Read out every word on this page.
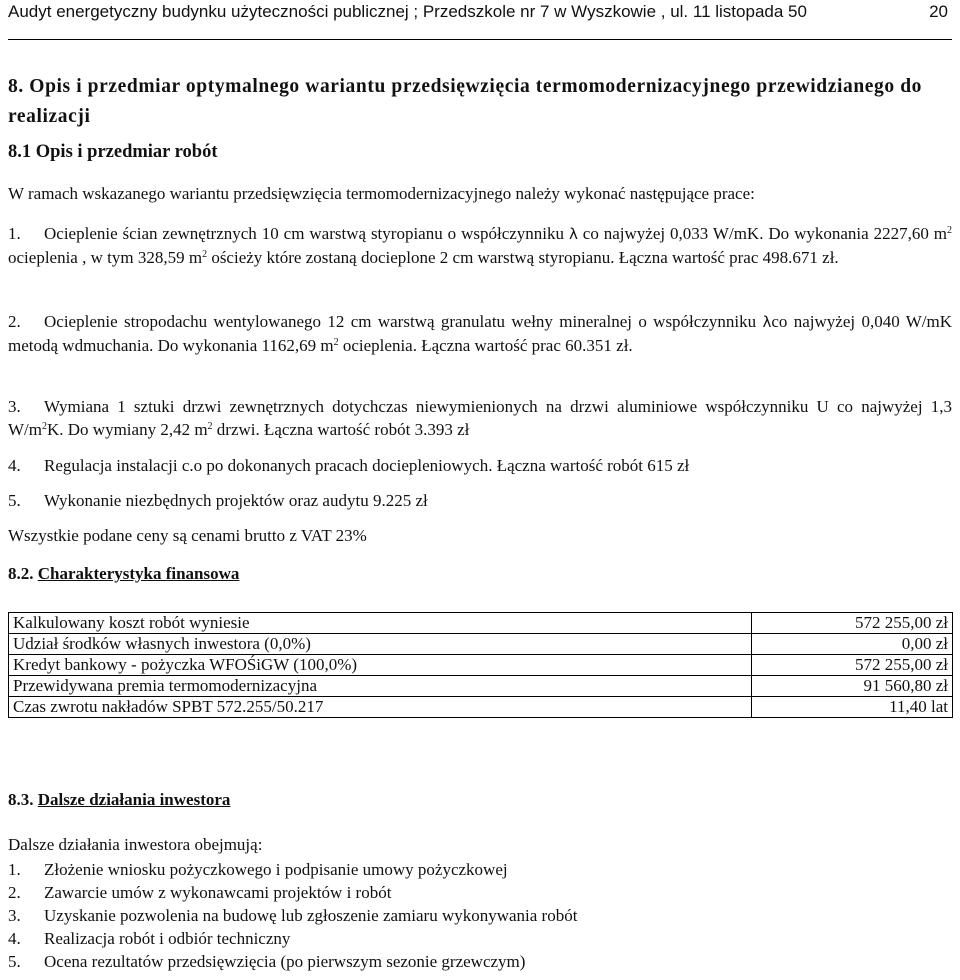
Audyt energetyczny budynku użyteczności publicznej ; Przedszkole nr 7 w Wyszkowie , ul. 11 listopada 50	20
8. Opis i przedmiar optymalnego wariantu przedsięwzięcia termomodernizacyjnego przewidzianego do realizacji
8.1 Opis i przedmiar robót
W ramach wskazanego wariantu przedsięwzięcia termomodernizacyjnego należy wykonać następujące prace:
1. Ocieplenie ścian zewnętrznych 10 cm warstwą styropianu o współczynniku λ co najwyżej 0,033 W/mK. Do wykonania 2227,60 $m^2$ ocieplenia , w tym 328,59 $m^2$ ościeży które zostaną docieplone 2 cm warstwą styropianu. Łączna wartość prac 498.671 zł.
2. Ocieplenie stropodachu wentylowanego 12 cm warstwą granulatu wełny mineralnej o współczynniku λco najwyżej 0,040 W/mK metodą wdmuchania. Do wykonania 1162,69 $m^2$ ocieplenia. Łączna wartość prac 60.351 zł.
3. Wymiana 1 sztuki drzwi zewnętrznych dotychczas niewymienionych na drzwi aluminiowe współczynniku U co najwyżej 1,3 $W/m^2K$. Do wymiany 2,42 $m^2$ drzwi. Łączna wartość robót 3.393 zł
4. Regulacja instalacji c.o po dokonanych pracach dociepleniowych. Łączna wartość robót 615 zł
5. Wykonanie niezbędnych projektów oraz audytu 9.225 zł
Wszystkie podane ceny są cenami brutto z VAT 23%
8.2. Charakterystyka finansowa
Kalkulowany koszt robót wyniesie	572 255,00 zł
Udział środków własnych inwestora (0,0%)	0,00 zł
Kredyt bankowy - pożyczka WFOŚiGW (100,0%)	572 255,00 zł
Przewidywana premia termomodernizacyjna	91 560,80 zł
Czas zwrotu nakładów SPBT 572.255/50.217	11,40 lat
8.3. Dalsze działania inwestora
Dalsze działania inwestora obejmują:
1. Złożenie wniosku pożyczkowego i podpisanie umowy pożyczkowej
2. Zawarcie umów z wykonawcami projektów i robót
3. Uzyskanie pozwolenia na budowę lub zgłoszenie zamiaru wykonywania robót
4. Realizacja robót i odbiór techniczny
5. Ocena rezultatów przedsięwzięcia (po pierwszym sezonie grzewczym)
